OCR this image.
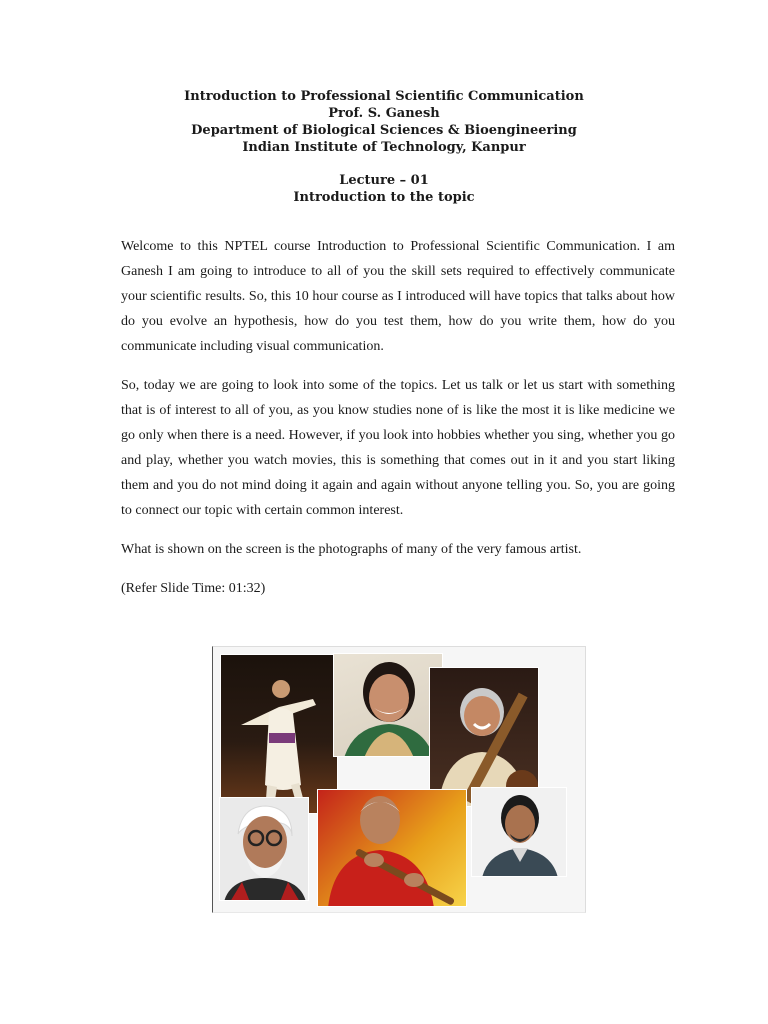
Introduction to Professional Scientific Communication
Prof. S. Ganesh
Department of Biological Sciences & Bioengineering
Indian Institute of Technology, Kanpur
Lecture – 01
Introduction to the topic

Welcome to this NPTEL course Introduction to Professional Scientific Communication. I am Ganesh I am going to introduce to all of you the skill sets required to effectively communicate your scientific results. So, this 10 hour course as I introduced will have topics that talks about how do you evolve an hypothesis, how do you test them, how do you write them, how do you communicate including visual communication.

So, today we are going to look into some of the topics. Let us talk or let us start with something that is of interest to all of you, as you know studies none of is like the most it is like medicine we go only when there is a need. However, if you look into hobbies whether you sing, whether you go and play, whether you watch movies, this is something that comes out in it and you start liking them and you do not mind doing it again and again without anyone telling you. So, you are going to connect our topic with certain common interest.

What is shown on the screen is the photographs of many of the very famous artist.

(Refer Slide Time: 01:32)
